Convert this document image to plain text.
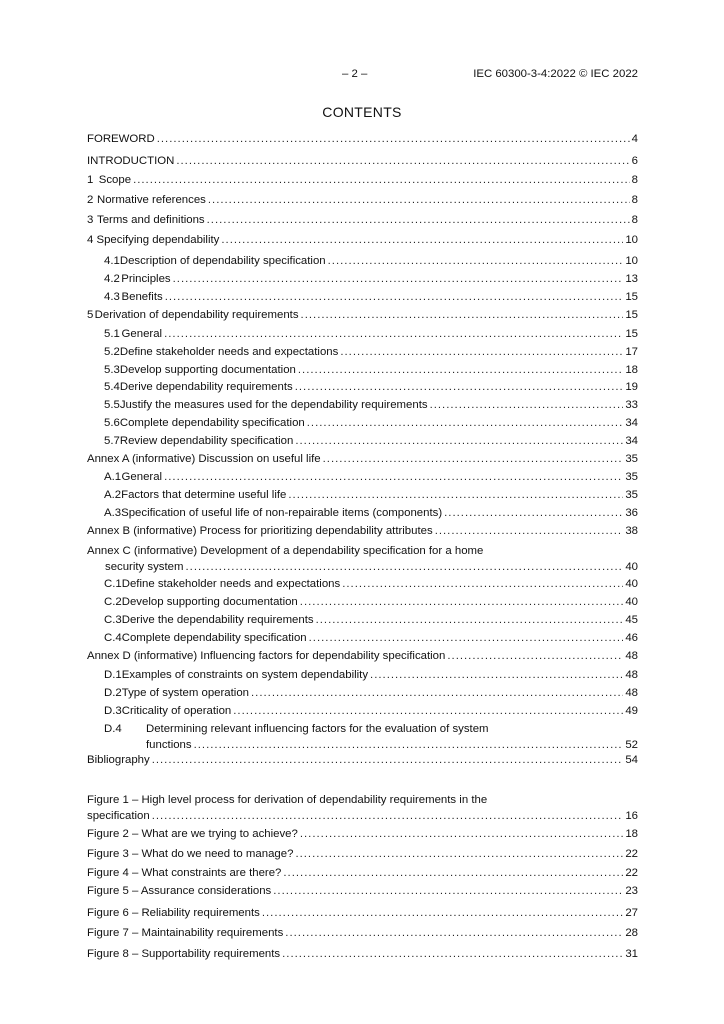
– 2 –	IEC 60300-3-4:2022 © IEC 2022
CONTENTS
FOREWORD .....	4
INTRODUCTION .....	6
1 Scope .....	8
2 Normative references .....	8
3 Terms and definitions .....	8
4 Specifying dependability .....	10
4.1 Description of dependability specification .....	10
4.2 Principles .....	13
4.3 Benefits .....	15
5 Derivation of dependability requirements .....	15
5.1 General .....	15
5.2 Define stakeholder needs and expectations .....	17
5.3 Develop supporting documentation .....	18
5.4 Derive dependability requirements .....	19
5.5 Justify the measures used for the dependability requirements .....	33
5.6 Complete dependability specification .....	34
5.7 Review dependability specification .....	34
Annex A (informative) Discussion on useful life .....	35
A.1 General .....	35
A.2 Factors that determine useful life .....	35
A.3 Specification of useful life of non-repairable items (components) .....	36
Annex B (informative) Process for prioritizing dependability attributes .....	38
Annex C (informative) Development of a dependability specification for a home
security system .....	40
C.1 Define stakeholder needs and expectations .....	40
C.2 Develop supporting documentation .....	40
C.3 Derive the dependability requirements .....	45
C.4 Complete dependability specification .....	46
Annex D (informative) Influencing factors for dependability specification .....	48
D.1 Examples of constraints on system dependability .....	48
D.2 Type of system operation .....	48
D.3 Criticality of operation .....	49
D.4	Determining relevant influencing factors for the evaluation of system
functions .....	52
Bibliography .....	54
Figure 1 – High level process for derivation of dependability requirements in the
specification .....	16
Figure 2 – What are we trying to achieve? .....	18
Figure 3 – What do we need to manage? .....	22
Figure 4 – What constraints are there? .....	22
Figure 5 – Assurance considerations .....	23
Figure 6 – Reliability requirements .....	27
Figure 7 – Maintainability requirements .....	28
Figure 8 – Supportability requirements .....	31
